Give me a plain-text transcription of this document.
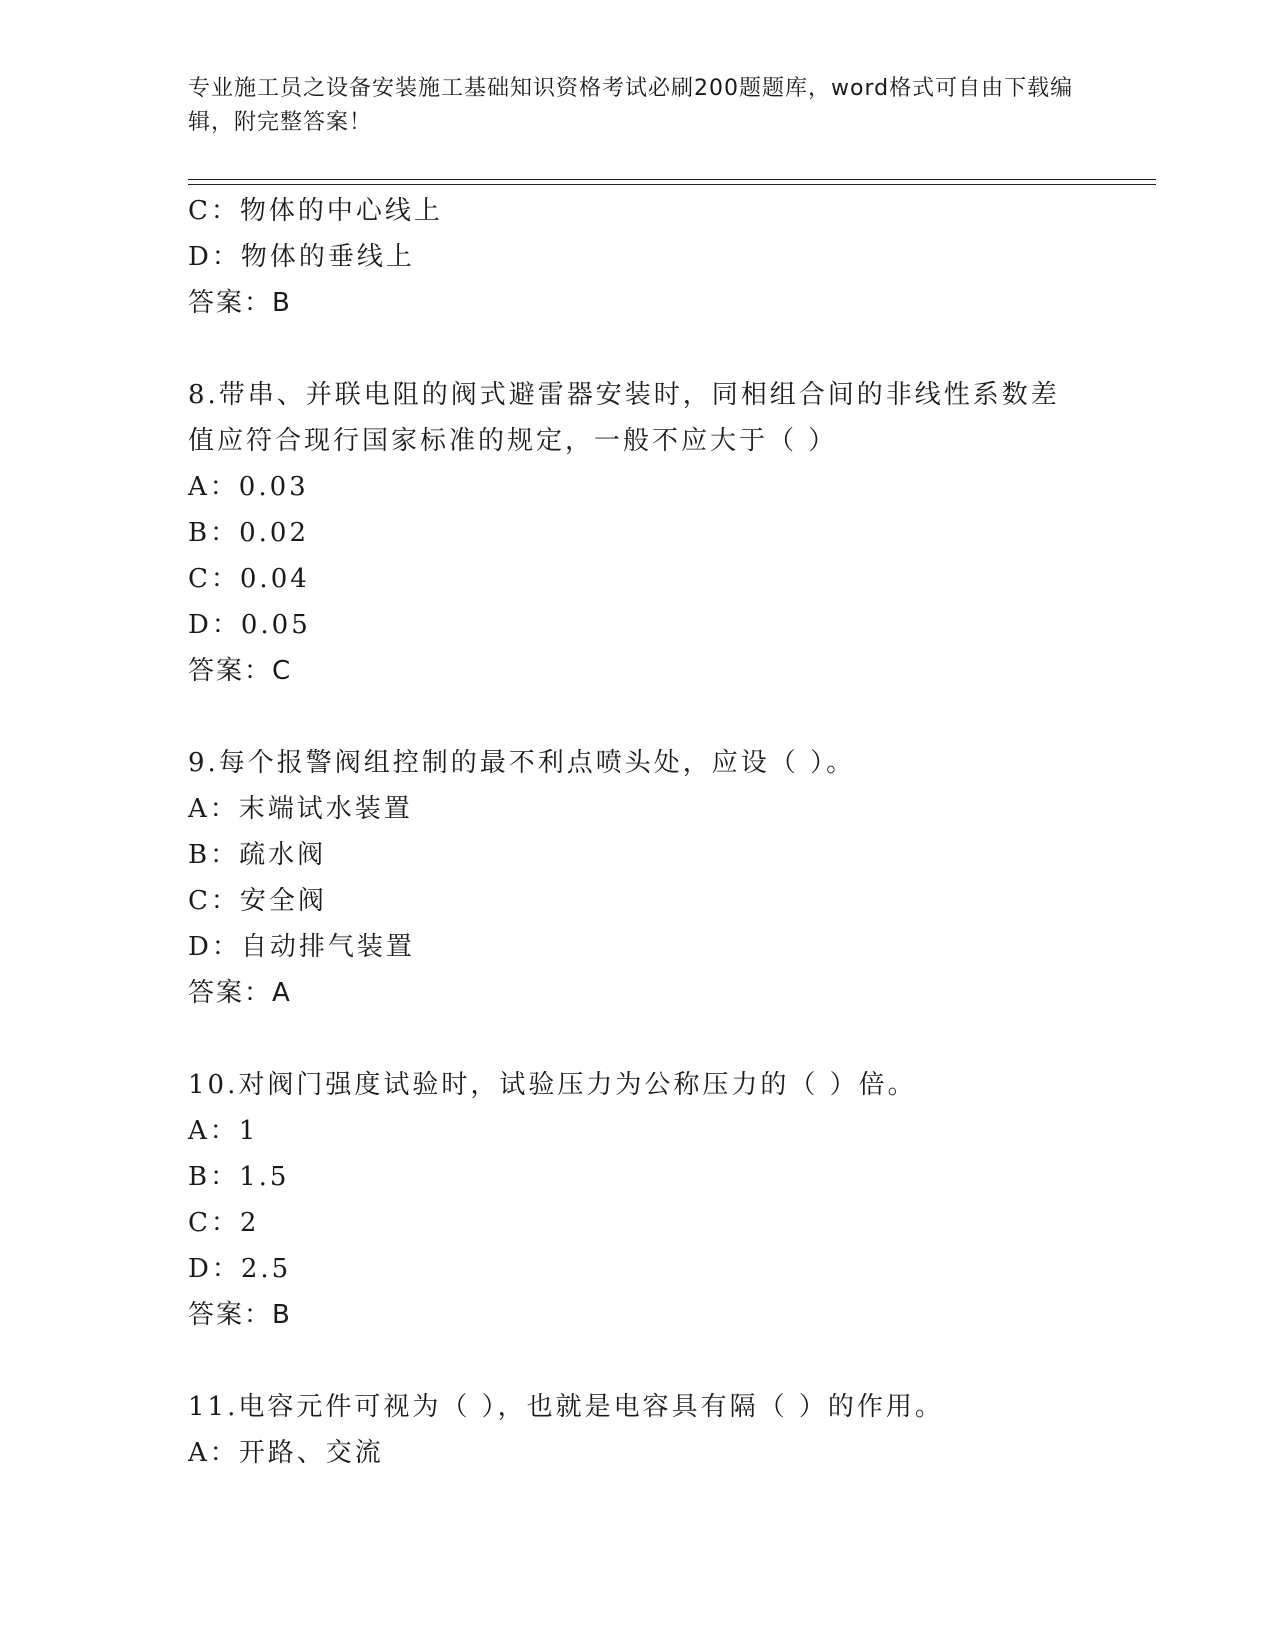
专业施工员之设备安装施工基础知识资格考试必刷200题题库，word格式可自由下载编辑，附完整答案！
C：物体的中心线上
D：物体的垂线上
答案：B
8.带串、并联电阻的阀式避雷器安装时，同相组合间的非线性系数差
值应符合现行国家标准的规定，一般不应大于（ ）
A：0.03
B：0.02
C：0.04
D：0.05
答案：C
9.每个报警阀组控制的最不利点喷头处，应设（ ）。
A：末端试水装置
B：疏水阀
C：安全阀
D：自动排气装置
答案：A
10.对阀门强度试验时，试验压力为公称压力的（ ）倍。
A：1
B：1.5
C：2
D：2.5
答案：B
11.电容元件可视为（ ），也就是电容具有隔（ ）的作用。
A：开路、交流
